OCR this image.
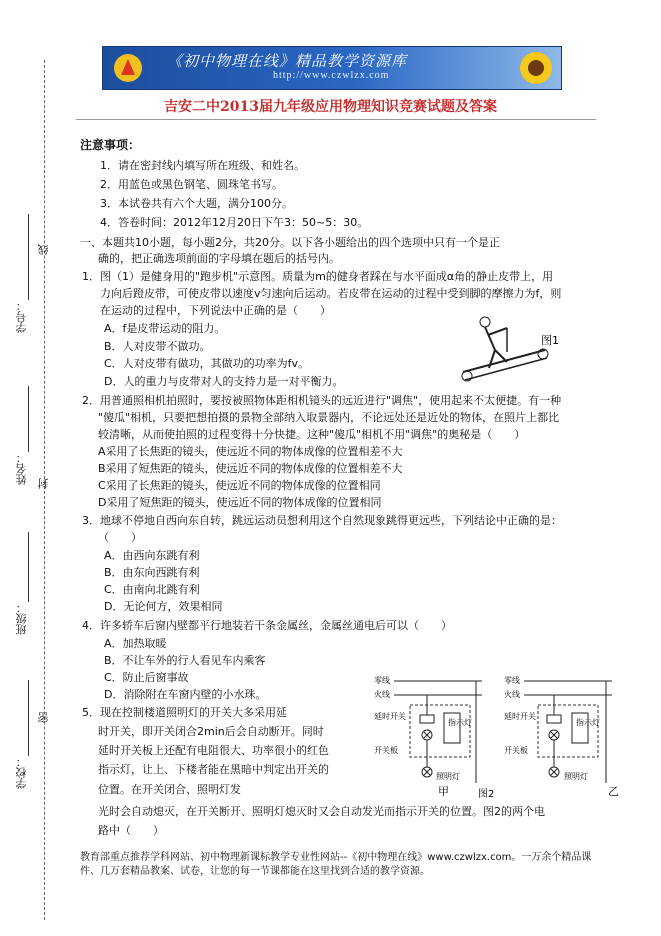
《初中物理在线》精品教学资源库
http://www.czwlzx.com
吉安二中2013届九年级应用物理知识竞赛试题及答案
线
封
密
学号：
姓名：
班级：
学校：
注意事项：
1．请在密封线内填写所在班级、和姓名。
2．用蓝色或黑色钢笔、圆珠笔书写。
3．本试卷共有六个大题，满分100分。
4．答卷时间：2012年12月20日下午3：50~5：30。
一、本题共10小题，每小题2分，共20分。以下各小题给出的四个选项中只有一个是正
确的，把正确选项前面的字母填在题后的括号内。
1．图（1）是健身用的"跑步机"示意图。质量为m的健身者踩在与水平面成α角的静止皮带上，用
力向后蹬皮带，可使皮带以速度v匀速向后运动。若皮带在运动的过程中受到脚的摩擦力为f，则
在运动的过程中，下列说法中正确的是（　　）
A．f是皮带运动的阻力。
B．人对皮带不做功。
C．人对皮带有做功，其做功的功率为fv。
D．人的重力与皮带对人的支持力是一对平衡力。
图1
2．用普通照相机拍照时，要按被照物体距相机镜头的远近进行"调焦"，使用起来不太便捷。有一种
"傻瓜"相机，只要把想拍摄的景物全部纳入取景器内，不论远处还是近处的物体，在照片上都比
较清晰，从而使拍照的过程变得十分快捷。这种"傻瓜"相机不用"调焦"的奥秘是（　　）
A采用了长焦距的镜头，使远近不同的物体成像的位置相差不大
B采用了短焦距的镜头，使远近不同的物体成像的位置相差不大
C采用了长焦距的镜头，使远近不同的物体成像的位置相同
D采用了短焦距的镜头，使远近不同的物体成像的位置相同
3．地球不停地自西向东自转，跳远运动员想利用这个自然现象跳得更远些，下列结论中正确的是：
（　　）
A．由西向东跳有利
B．由东向西跳有利
C．由南向北跳有利
D．无论何方，效果相同
4．许多轿车后窗内壁都平行地装若干条金属丝，金属丝通电后可以（　　）
A．加热取暖
B．不让车外的行人看见车内乘客
C．防止后窗事故
D．消除附在车窗内壁的小水珠。
5．现在控制楼道照明灯的开关大多采用延
时开关，即开关闭合2min后会自动断开。同时
延时开关板上还配有电阻很大、功率很小的红色
指示灯，让上、下楼者能在黑暗中判定出开关的
位置。在开关闭合、照明灯发
光时会自动熄灭，在开关断开、照明灯熄灭时又会自动发光而指示开关的位置。图2的两个电
路中（　　）
零线
火线
延时开关
开关板
指示灯
照明灯
甲
零线
火线
延时开关
开关板
指示灯
照明灯
乙
图2
教育部重点推荐学科网站、初中物理新课标教学专业性网站--《初中物理在线》www.czwlzx.com。一万余个精品课件、几万套精品教案、试卷，让您的每一节课都能在这里找到合适的教学资源。
